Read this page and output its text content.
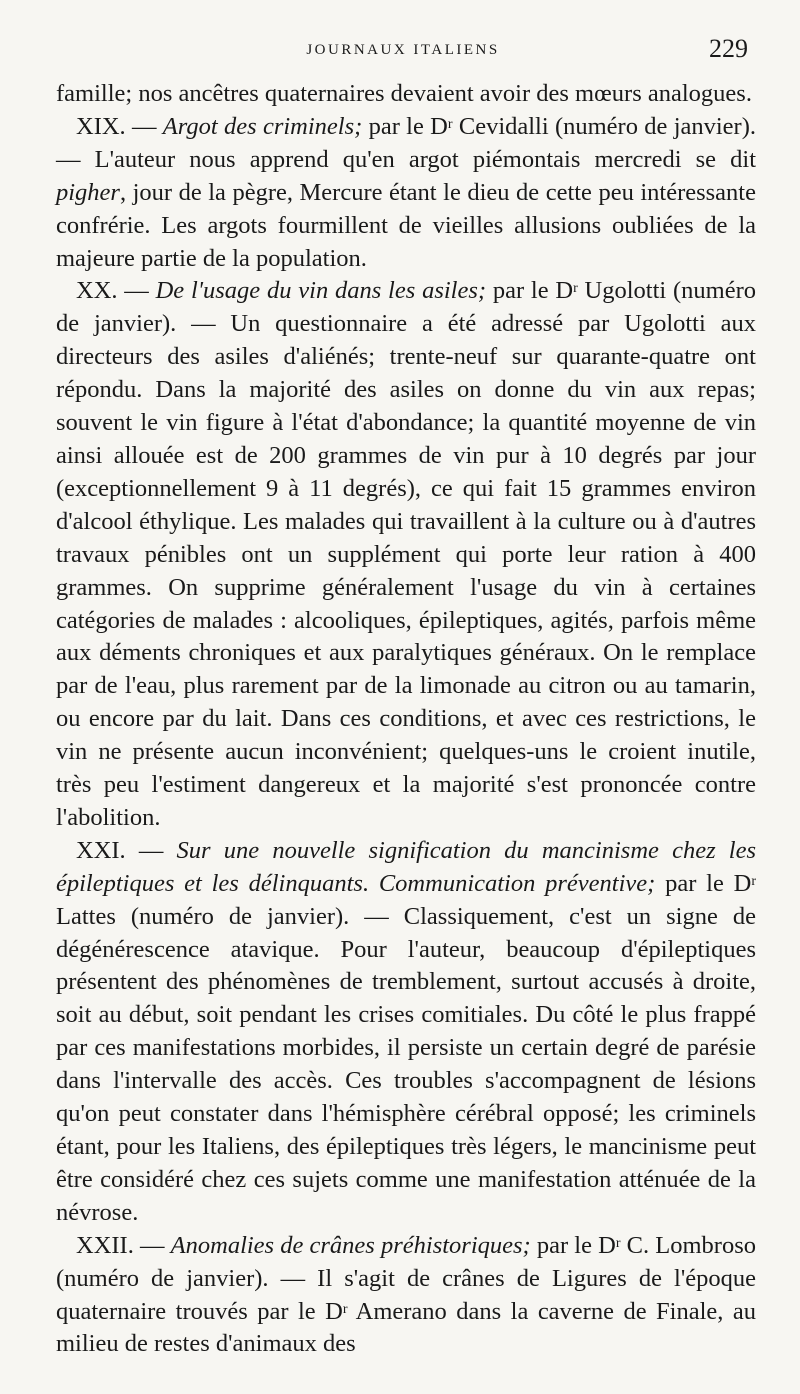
JOURNAUX ITALIENS	229

famille; nos ancêtres quaternaires devaient avoir des mœurs analogues.

XIX. — Argot des criminels; par le $D^r$ Cevidalli (numéro de janvier). — L'auteur nous apprend qu'en argot piémontais mercredi se dit pigher, jour de la pègre, Mercure étant le dieu de cette peu intéressante confrérie. Les argots fourmillent de vieilles allusions oubliées de la majeure partie de la population.

XX. — De l'usage du vin dans les asiles; par le $D^r$ Ugolotti (numéro de janvier). — Un questionnaire a été adressé par Ugolotti aux directeurs des asiles d'aliénés; trente-neuf sur quarante-quatre ont répondu. Dans la majorité des asiles on donne du vin aux repas; souvent le vin figure à l'état d'abondance; la quantité moyenne de vin ainsi allouée est de 200 grammes de vin pur à 10 degrés par jour (exceptionnellement 9 à 11 degrés), ce qui fait 15 grammes environ d'alcool éthylique. Les malades qui travaillent à la culture ou à d'autres travaux pénibles ont un supplément qui porte leur ration à 400 grammes. On supprime généralement l'usage du vin à certaines catégories de malades : alcooliques, épileptiques, agités, parfois même aux déments chroniques et aux paralytiques généraux. On le remplace par de l'eau, plus rarement par de la limonade au citron ou au tamarin, ou encore par du lait. Dans ces conditions, et avec ces restrictions, le vin ne présente aucun inconvénient; quelques-uns le croient inutile, très peu l'estiment dangereux et la majorité s'est prononcée contre l'abolition.

XXI. — Sur une nouvelle signification du mancinisme chez les épileptiques et les délinquants. Communication préventive; par le $D^r$ Lattes (numéro de janvier). — Classiquement, c'est un signe de dégénérescence atavique. Pour l'auteur, beaucoup d'épileptiques présentent des phénomènes de tremblement, surtout accusés à droite, soit au début, soit pendant les crises comitiales. Du côté le plus frappé par ces manifestations morbides, il persiste un certain degré de parésie dans l'intervalle des accès. Ces troubles s'accompagnent de lésions qu'on peut constater dans l'hémisphère cérébral opposé; les criminels étant, pour les Italiens, des épileptiques très légers, le mancinisme peut être considéré chez ces sujets comme une manifestation atténuée de la névrose.

XXII. — Anomalies de crânes préhistoriques; par le $D^r$ C. Lombroso (numéro de janvier). — Il s'agit de crânes de Ligures de l'époque quaternaire trouvés par le $D^r$ Amerano dans la caverne de Finale, au milieu de restes d'animaux des
